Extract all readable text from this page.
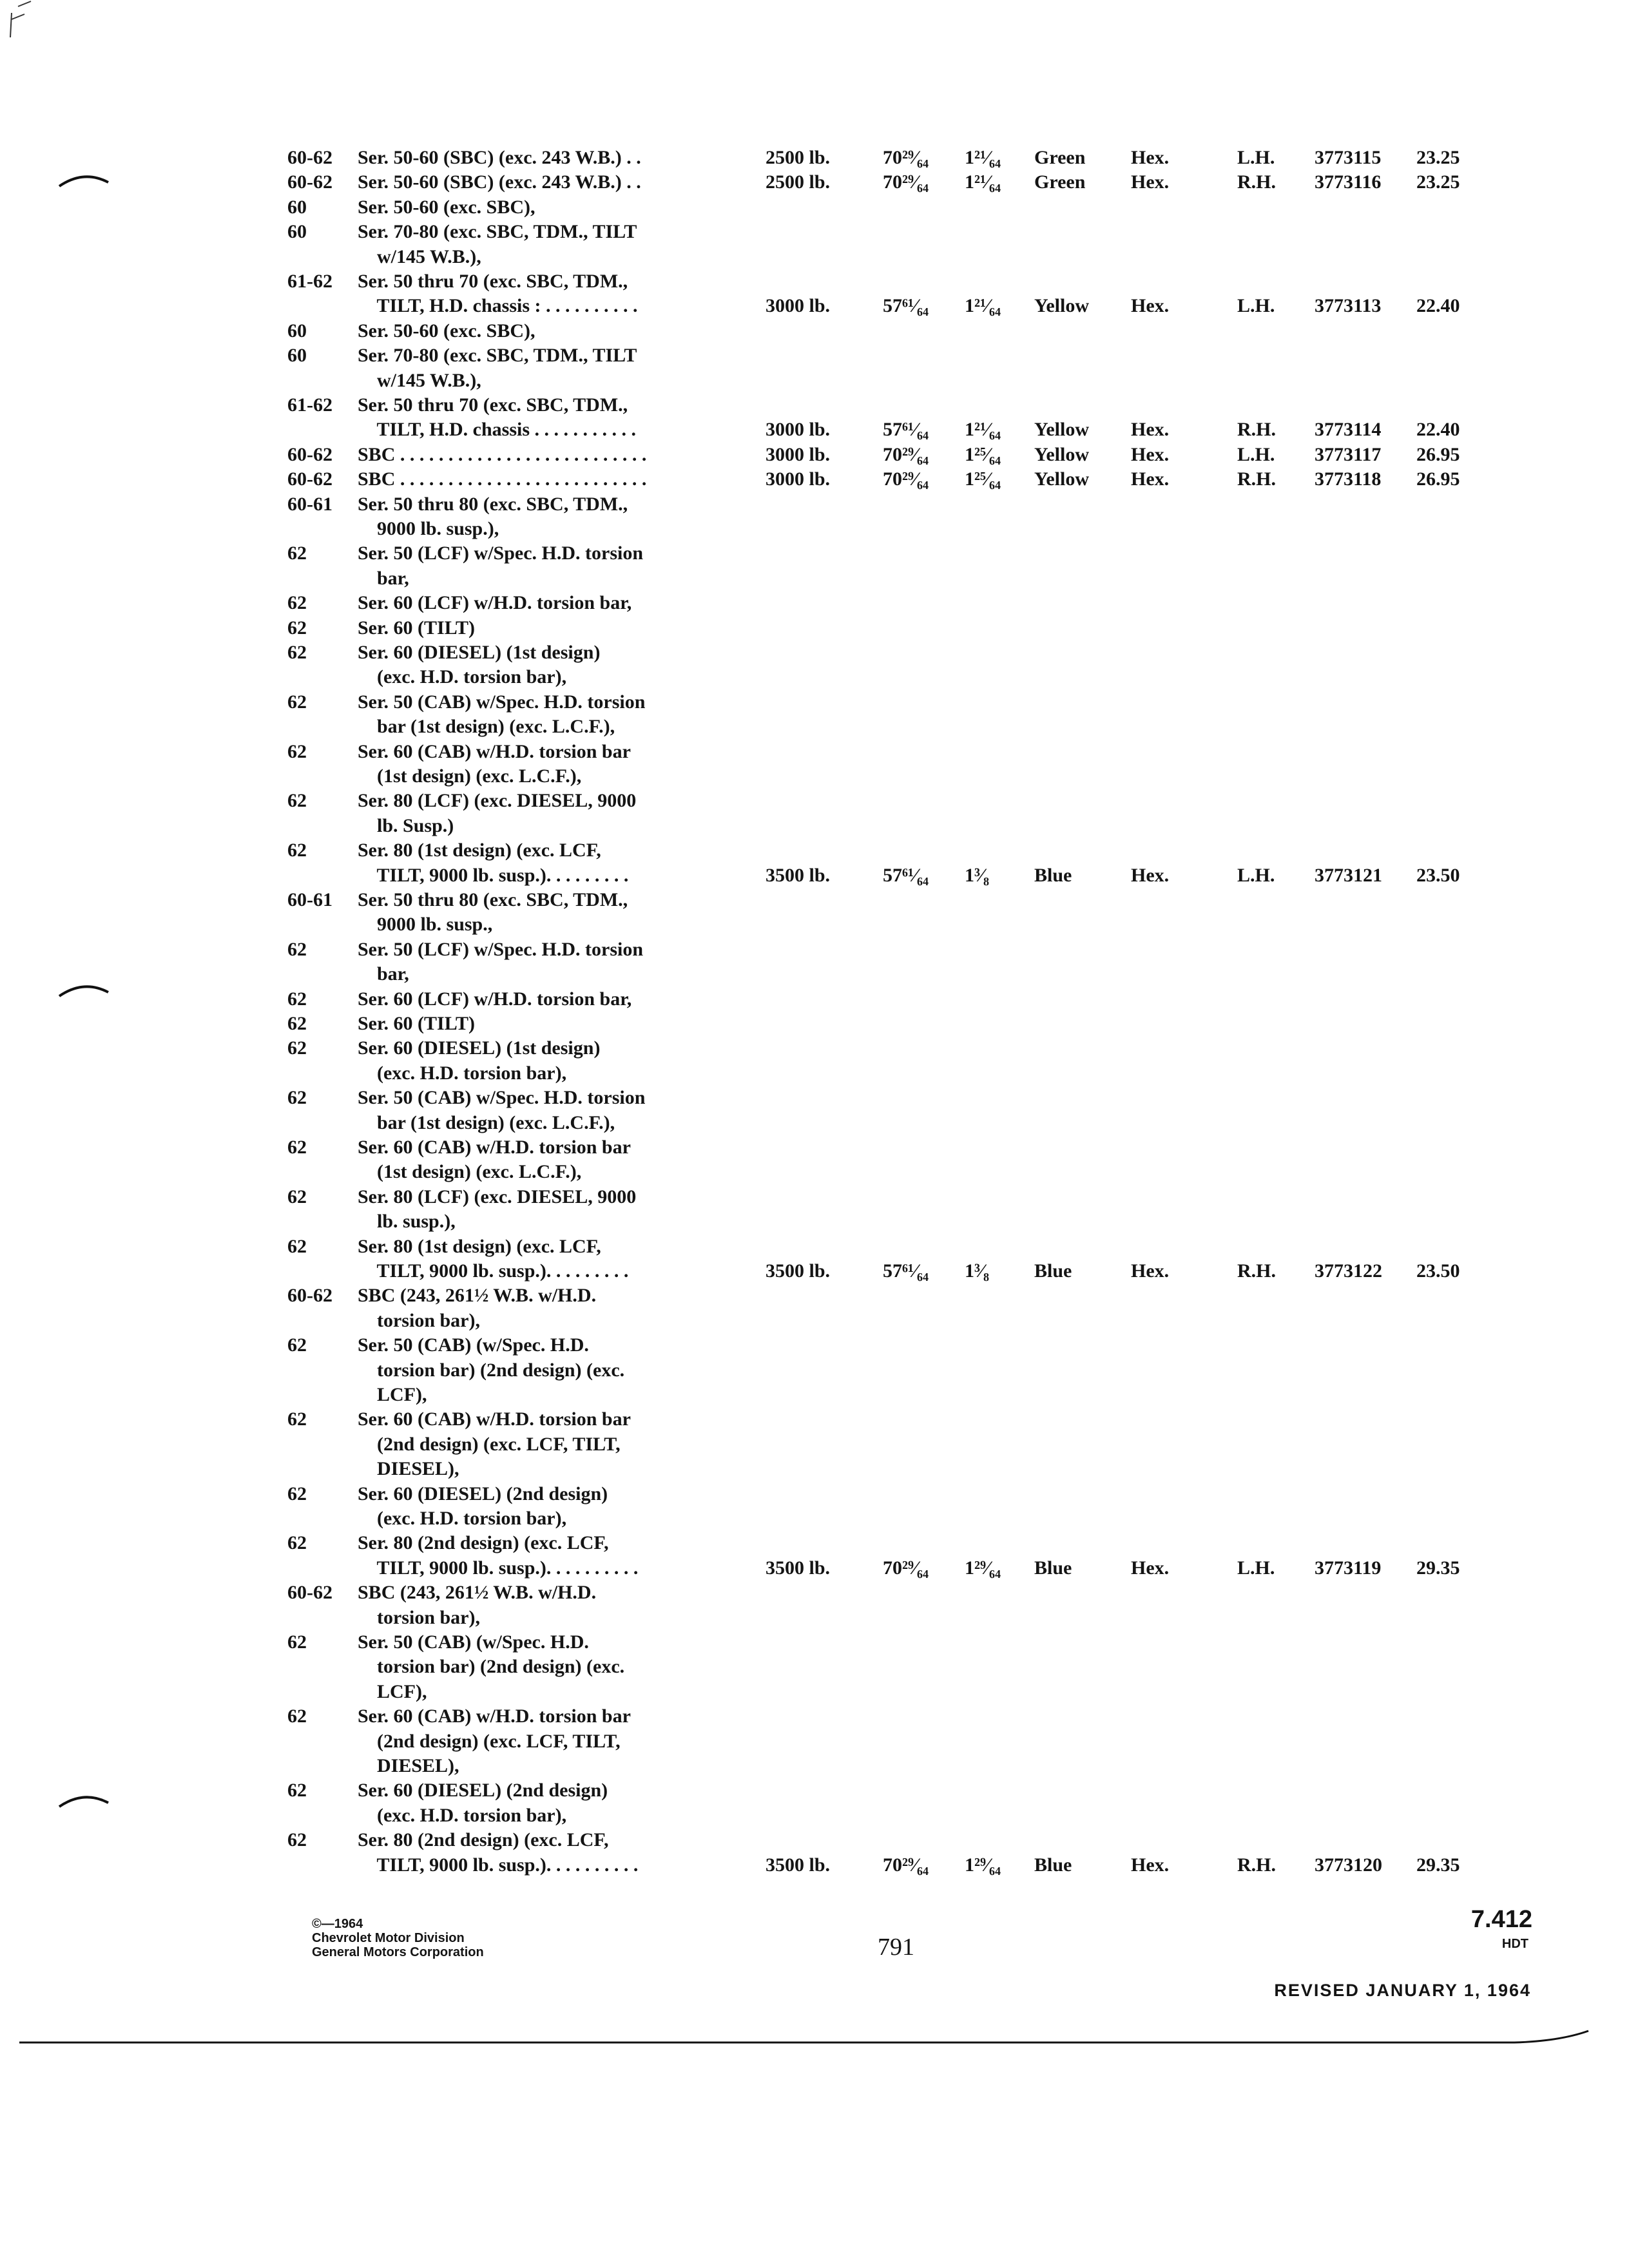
60-62 Ser. 50-60 (SBC) (exc. 243 W.B.) . .	2500 lb.	70²⁹⁄₆₄ 1²¹⁄₆₄ Green Hex.	L.H. 3773115 23.25
60-62 Ser. 50-60 (SBC) (exc. 243 W.B.) . .	2500 lb.	70²⁹⁄₆₄ 1²¹⁄₆₄ Green Hex.	R.H. 3773116 23.25
60	Ser. 50-60 (exc. SBC),
60	Ser. 70-80 (exc. SBC, TDM., TILT
w/145 W.B.),
61-62 Ser. 50 thru 70 (exc. SBC, TDM.,
TILT, H.D. chassis : . . . . . . . . . .	3000 lb.	57⁶¹⁄₆₄ 1²¹⁄₆₄ Yellow Hex.	L.H. 3773113 22.40
60	Ser. 50-60 (exc. SBC),
60	Ser. 70-80 (exc. SBC, TDM., TILT
w/145 W.B.),
61-62 Ser. 50 thru 70 (exc. SBC, TDM.,
TILT, H.D. chassis . . . . . . . . . . .	3000 lb.	57⁶¹⁄₆₄ 1²¹⁄₆₄ Yellow Hex.	R.H. 3773114 22.40
60-62 SBC . . . . . . . . . . . . . . . . . . . . . . . . . .	3000 lb.	70²⁹⁄₆₄ 1²⁵⁄₆₄ Yellow Hex.	L.H. 3773117 26.95
60-62 SBC . . . . . . . . . . . . . . . . . . . . . . . . . .	3000 lb.	70²⁹⁄₆₄ 1²⁵⁄₆₄ Yellow Hex.	R.H. 3773118 26.95
60-61 Ser. 50 thru 80 (exc. SBC, TDM.,
9000 lb. susp.),
62	Ser. 50 (LCF) w/Spec. H.D. torsion
bar,
62	Ser. 60 (LCF) w/H.D. torsion bar,
62	Ser. 60 (TILT)
62	Ser. 60 (DIESEL) (1st design)
(exc. H.D. torsion bar),
62	Ser. 50 (CAB) w/Spec. H.D. torsion
bar (1st design) (exc. L.C.F.),
62	Ser. 60 (CAB) w/H.D. torsion bar
(1st design) (exc. L.C.F.),
62	Ser. 80 (LCF) (exc. DIESEL, 9000
lb. Susp.)
62	Ser. 80 (1st design) (exc. LCF,
TILT, 9000 lb. susp.). . . . . . . . .	3500 lb.	57⁶¹⁄₆₄ 1³⁄₈ Blue	Hex.	L.H. 3773121 23.50
60-61 Ser. 50 thru 80 (exc. SBC, TDM.,
9000 lb. susp.,
62	Ser. 50 (LCF) w/Spec. H.D. torsion
bar,
62	Ser. 60 (LCF) w/H.D. torsion bar,
62	Ser. 60 (TILT)
62	Ser. 60 (DIESEL) (1st design)
(exc. H.D. torsion bar),
62	Ser. 50 (CAB) w/Spec. H.D. torsion
bar (1st design) (exc. L.C.F.),
62	Ser. 60 (CAB) w/H.D. torsion bar
(1st design) (exc. L.C.F.),
62	Ser. 80 (LCF) (exc. DIESEL, 9000
lb. susp.),
62	Ser. 80 (1st design) (exc. LCF,
TILT, 9000 lb. susp.). . . . . . . . .	3500 lb.	57⁶¹⁄₆₄ 1³⁄₈ Blue	Hex.	R.H. 3773122 23.50
60-62 SBC (243, 261½ W.B. w/H.D.
torsion bar),
62	Ser. 50 (CAB) (w/Spec. H.D.
torsion bar) (2nd design) (exc.
LCF),
62	Ser. 60 (CAB) w/H.D. torsion bar
(2nd design) (exc. LCF, TILT,
DIESEL),
62	Ser. 60 (DIESEL) (2nd design)
(exc. H.D. torsion bar),
62	Ser. 80 (2nd design) (exc. LCF,
TILT, 9000 lb. susp.). . . . . . . . . .	3500 lb.	70²⁹⁄₆₄ 1²⁹⁄₆₄ Blue	Hex.	L.H. 3773119 29.35
60-62 SBC (243, 261½ W.B. w/H.D.
torsion bar),
62	Ser. 50 (CAB) (w/Spec. H.D.
torsion bar) (2nd design) (exc.
LCF),
62	Ser. 60 (CAB) w/H.D. torsion bar
(2nd design) (exc. LCF, TILT,
DIESEL),
62	Ser. 60 (DIESEL) (2nd design)
(exc. H.D. torsion bar),
62	Ser. 80 (2nd design) (exc. LCF,
TILT, 9000 lb. susp.). . . . . . . . . .	3500 lb.	70²⁹⁄₆₄ 1²⁹⁄₆₄ Blue	Hex.	R.H. 3773120 29.35
©—1964
Chevrolet Motor Division
General Motors Corporation	791
7.412
HDT
REVISED JANUARY 1, 1964
